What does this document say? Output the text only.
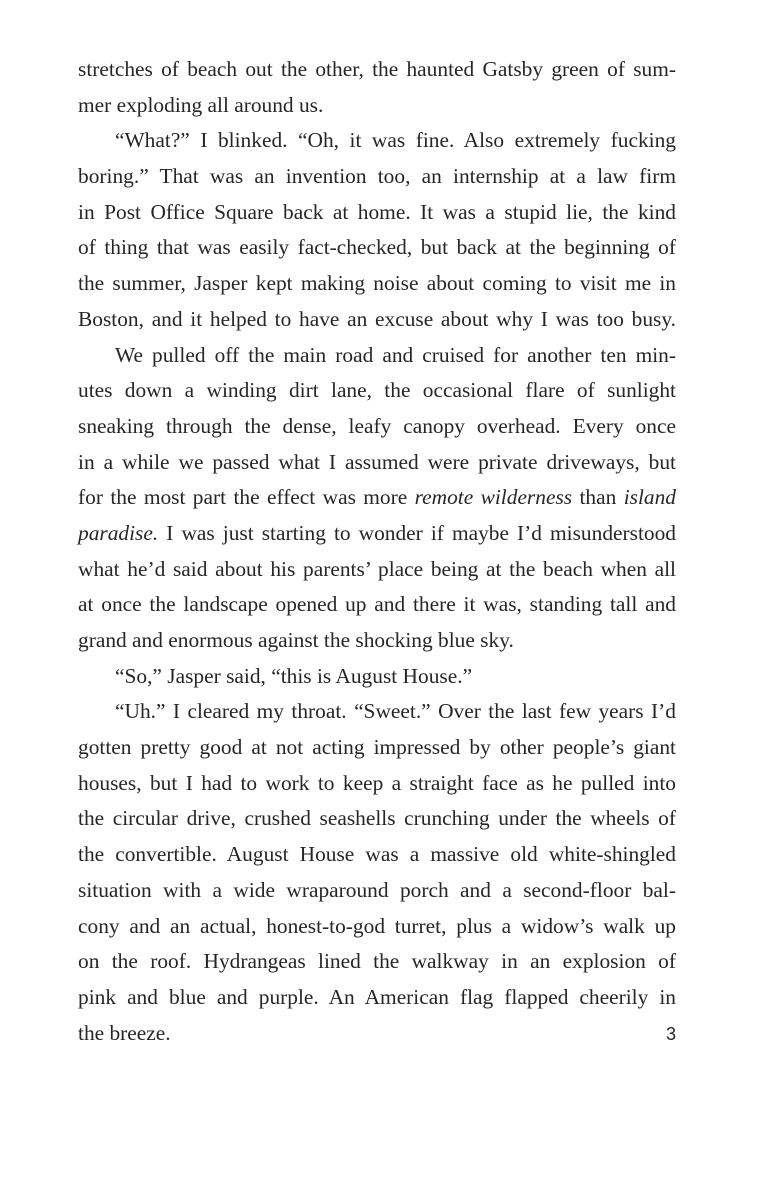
stretches of beach out the other, the haunted Gatsby green of sum-
mer exploding all around us.
“What?” I blinked. “Oh, it was fine. Also extremely fucking
boring.” That was an invention too, an internship at a law firm
in Post Office Square back at home. It was a stupid lie, the kind
of thing that was easily fact-checked, but back at the beginning of
the summer, Jasper kept making noise about coming to visit me in
Boston, and it helped to have an excuse about why I was too busy.
We pulled off the main road and cruised for another ten min-
utes down a winding dirt lane, the occasional flare of sunlight
sneaking through the dense, leafy canopy overhead. Every once
in a while we passed what I assumed were private driveways, but
for the most part the effect was more remote wilderness than island
paradise. I was just starting to wonder if maybe I’d misunderstood
what he’d said about his parents’ place being at the beach when all
at once the landscape opened up and there it was, standing tall and
grand and enormous against the shocking blue sky.
“So,” Jasper said, “this is August House.”
“Uh.” I cleared my throat. “Sweet.” Over the last few years I’d
gotten pretty good at not acting impressed by other people’s giant
houses, but I had to work to keep a straight face as he pulled into
the circular drive, crushed seashells crunching under the wheels of
the convertible. August House was a massive old white-shingled
situation with a wide wraparound porch and a second-floor bal-
cony and an actual, honest-to-god turret, plus a widow’s walk up
on the roof. Hydrangeas lined the walkway in an explosion of
pink and blue and purple. An American flag flapped cheerily in
the breeze.	3
